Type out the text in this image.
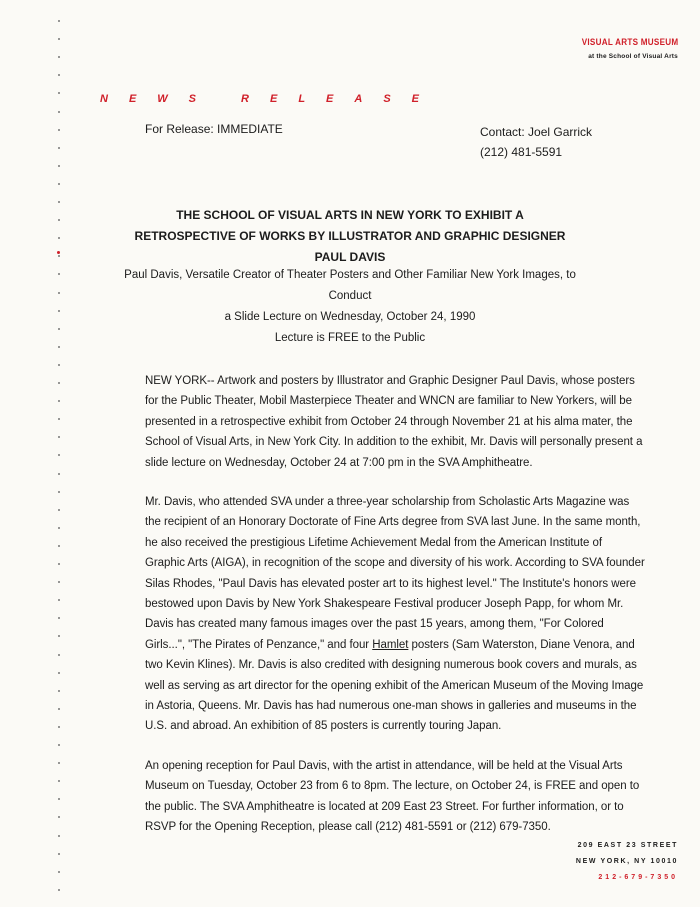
VISUAL ARTS MUSEUM
at the School of Visual Arts
NEWS RELEASE
For Release: IMMEDIATE	Contact: Joel Garrick
(212) 481-5591
THE SCHOOL OF VISUAL ARTS IN NEW YORK TO EXHIBIT A
RETROSPECTIVE OF WORKS BY ILLUSTRATOR AND GRAPHIC DESIGNER
PAUL DAVIS
Paul Davis, Versatile Creator of Theater Posters and Other Familiar New York Images, to Conduct
a Slide Lecture on Wednesday, October 24, 1990
Lecture is FREE to the Public

NEW YORK-- Artwork and posters by Illustrator and Graphic Designer Paul Davis, whose posters for the Public Theater, Mobil Masterpiece Theater and WNCN are familiar to New Yorkers, will be presented in a retrospective exhibit from October 24 through November 21 at his alma mater, the School of Visual Arts, in New York City. In addition to the exhibit, Mr. Davis will personally present a slide lecture on Wednesday, October 24 at 7:00 pm in the SVA Amphitheatre.

Mr. Davis, who attended SVA under a three-year scholarship from Scholastic Arts Magazine was the recipient of an Honorary Doctorate of Fine Arts degree from SVA last June. In the same month, he also received the prestigious Lifetime Achievement Medal from the American Institute of Graphic Arts (AIGA), in recognition of the scope and diversity of his work. According to SVA founder Silas Rhodes, "Paul Davis has elevated poster art to its highest level." The Institute's honors were bestowed upon Davis by New York Shakespeare Festival producer Joseph Papp, for whom Mr. Davis has created many famous images over the past 15 years, among them, "For Colored Girls...", "The Pirates of Penzance," and four Hamlet posters (Sam Waterston, Diane Venora, and two Kevin Klines). Mr. Davis is also credited with designing numerous book covers and murals, as well as serving as art director for the opening exhibit of the American Museum of the Moving Image in Astoria, Queens. Mr. Davis has had numerous one-man shows in galleries and museums in the U.S. and abroad. An exhibition of 85 posters is currently touring Japan.

An opening reception for Paul Davis, with the artist in attendance, will be held at the Visual Arts Museum on Tuesday, October 23 from 6 to 8pm. The lecture, on October 24, is FREE and open to the public. The SVA Amphitheatre is located at 209 East 23 Street. For further information, or to RSVP for the Opening Reception, please call (212) 481-5591 or (212) 679-7350.

209 EAST 23 STREET
NEW YORK, NY 10010
212-679-7350
